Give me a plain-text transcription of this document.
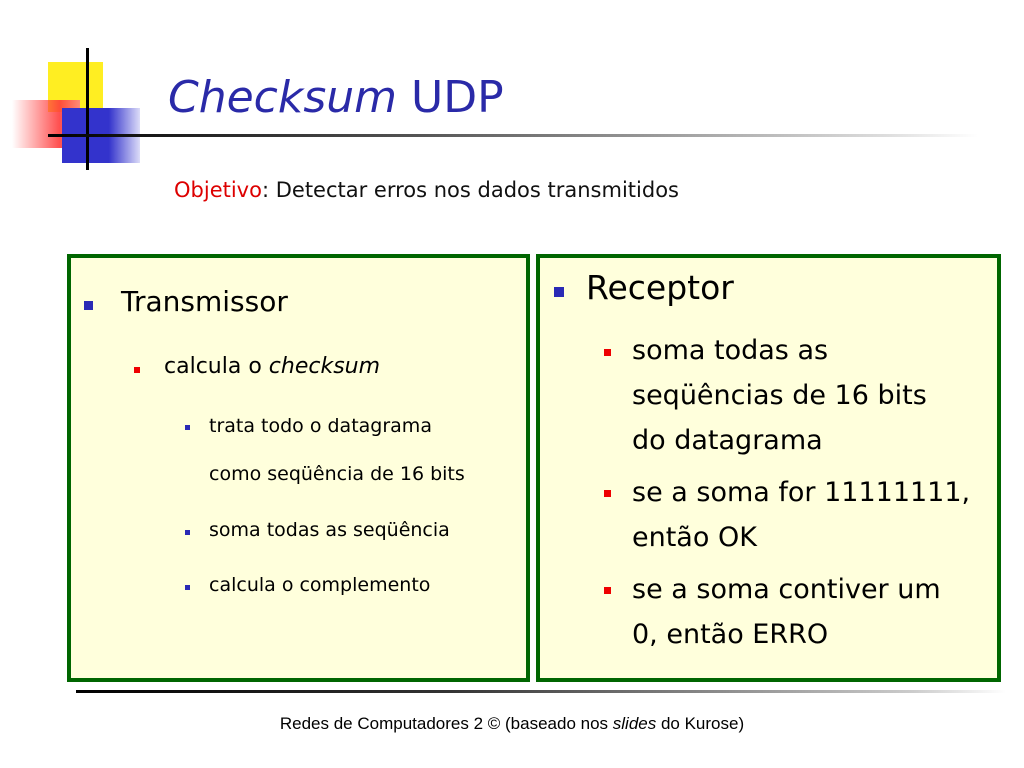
Checksum UDP
Objetivo: Detectar erros nos dados transmitidos
Transmissor
calcula o checksum
trata todo o datagrama
como seqüência de 16 bits
soma todas as seqüência
calcula o complemento
Receptor
soma todas as
seqüências de 16 bits
do datagrama
se a soma for 11111111,
então OK
se a soma contiver um
0, então ERRO
Redes de Computadores 2 © (baseado nos slides do Kurose)
